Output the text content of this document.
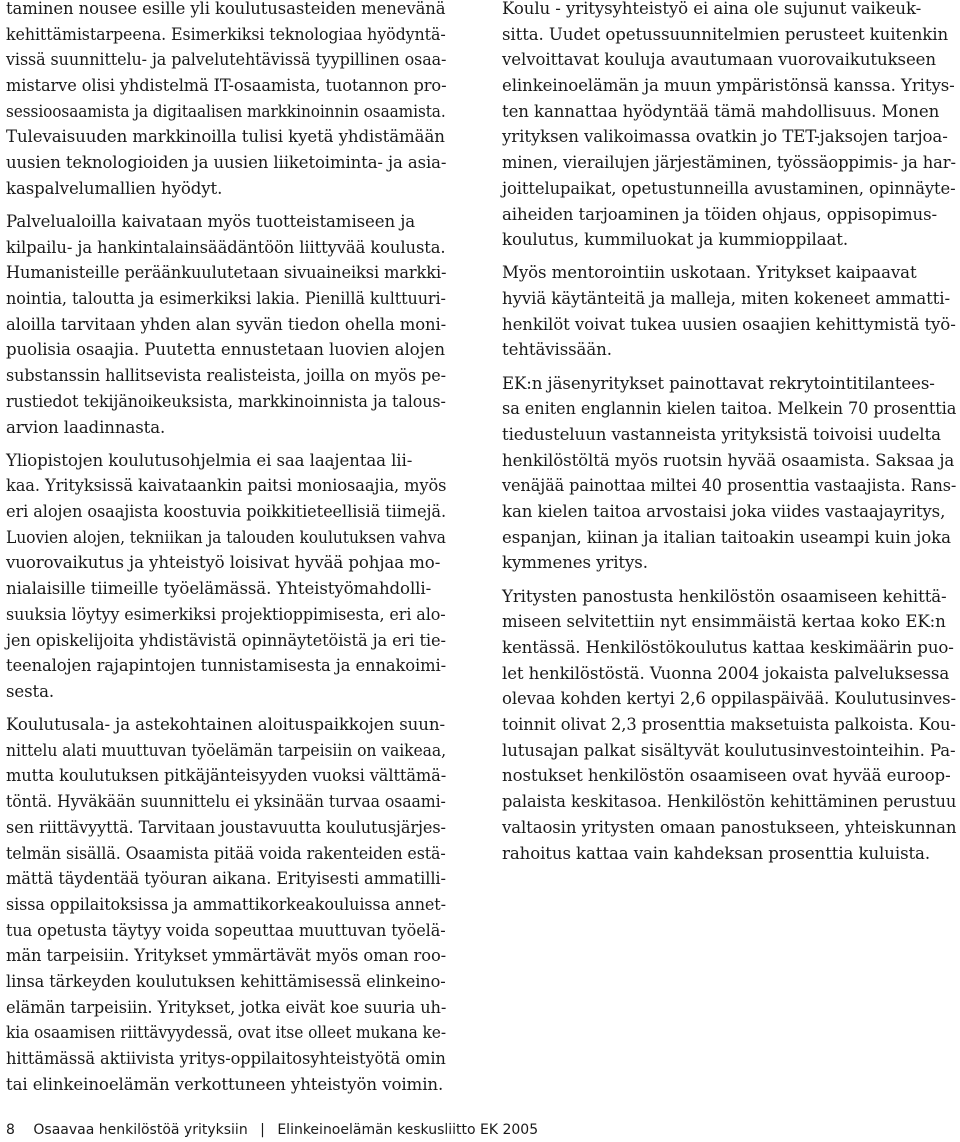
taminen nousee esille yli koulutusasteiden menevänä
kehittämistarpeena. Esimerkiksi teknologiaa hyödyntä-
vissä suunnittelu- ja palvelutehtävissä tyypillinen osaa-
mistarve olisi yhdistelmä IT-osaamista, tuotannon pro-
sessioosaamista ja digitaalisen markkinoinnin osaamista.
Tulevaisuuden markkinoilla tulisi kyetä yhdistämään
uusien teknologioiden ja uusien liiketoiminta- ja asia-
kaspalvelumallien hyödyt.
Palvelualoilla kaivataan myös tuotteistamiseen ja
kilpailu- ja hankintalainsäädäntöön liittyvää koulusta.
Humanisteille peräänkuulutetaan sivuaineiksi markki-
nointia, taloutta ja esimerkiksi lakia. Pienillä kulttuuri-
aloilla tarvitaan yhden alan syvän tiedon ohella moni-
puolisia osaajia. Puutetta ennustetaan luovien alojen
substanssin hallitsevista realisteista, joilla on myös pe-
rustiedot tekijänoikeuksista, markkinoinnista ja talous-
arvion laadinnasta.
Yliopistojen koulutusohjelmia ei saa laajentaa lii-
kaa. Yrityksissä kaivataankin paitsi moniosaajia, myös
eri alojen osaajista koostuvia poikkitieteellisiä tiimejä.
Luovien alojen, tekniikan ja talouden koulutuksen vahva
vuorovaikutus ja yhteistyö loisivat hyvää pohjaa mo-
nialaisille tiimeille työelämässä. Yhteistyömahdolli-
suuksia löytyy esimerkiksi projektioppimisesta, eri alo-
jen opiskelijoita yhdistävistä opinnäytetöistä ja eri tie-
teenalojen rajapintojen tunnistamisesta ja ennakoimi-
sesta.
Koulutusala- ja astekohtainen aloituspaikkojen suun-
nittelu alati muuttuvan työelämän tarpeisiin on vaikeaa,
mutta koulutuksen pitkäjänteisyyden vuoksi välttämä-
töntä. Hyväkään suunnittelu ei yksinään turvaa osaami-
sen riittävyyttä. Tarvitaan joustavuutta koulutusjärjes-
telmän sisällä. Osaamista pitää voida rakenteiden estä-
mättä täydentää työuran aikana. Erityisesti ammatilli-
sissa oppilaitoksissa ja ammattikorkeakouluissa annet-
tua opetusta täytyy voida sopeuttaa muuttuvan työelä-
män tarpeisiin. Yritykset ymmärtävät myös oman roo-
linsa tärkeyden koulutuksen kehittämisessä elinkeino-
elämän tarpeisiin. Yritykset, jotka eivät koe suuria uh-
kia osaamisen riittävyydessä, ovat itse olleet mukana ke-
hittämässä aktiivista yritys-oppilaitosyhteistyötä omin
tai elinkeinoelämän verkottuneen yhteistyön voimin.
Koulu - yritysyhteistyö ei aina ole sujunut vaikeuk-
sitta. Uudet opetussuunnitelmien perusteet kuitenkin
velvoittavat kouluja avautumaan vuorovaikutukseen
elinkeinoelämän ja muun ympäristönsä kanssa. Yritys-
ten kannattaa hyödyntää tämä mahdollisuus. Monen
yrityksen valikoimassa ovatkin jo TET-jaksojen tarjoa-
minen, vierailujen järjestäminen, työssäoppimis- ja har-
joittelupaikat, opetustunneilla avustaminen, opinnäyte-
aiheiden tarjoaminen ja töiden ohjaus, oppisopimus-
koulutus, kummiluokat ja kummioppilaat.
Myös mentorointiin uskotaan. Yritykset kaipaavat
hyviä käytänteitä ja malleja, miten kokeneet ammatti-
henkilöt voivat tukea uusien osaajien kehittymistä työ-
tehtävissään.
EK:n jäsenyritykset painottavat rekrytointitilantees-
sa eniten englannin kielen taitoa. Melkein 70 prosenttia
tiedusteluun vastanneista yrityksistä toivoisi uudelta
henkilöstöltä myös ruotsin hyvää osaamista. Saksaa ja
venäjää painottaa miltei 40 prosenttia vastaajista. Rans-
kan kielen taitoa arvostaisi joka viides vastaajayritys,
espanjan, kiinan ja italian taitoakin useampi kuin joka
kymmenes yritys.
Yritysten panostusta henkilöstön osaamiseen kehittä-
miseen selvitettiin nyt ensimmäistä kertaa koko EK:n
kentässä. Henkilöstökoulutus kattaa keskimäärin puo-
let henkilöstöstä. Vuonna 2004 jokaista palveluksessa
olevaa kohden kertyi 2,6 oppilaspäivää. Koulutusinves-
toinnit olivat 2,3 prosenttia maksetuista palkoista. Kou-
lutusajan palkat sisältyvät koulutusinvestointeihin. Pa-
nostukset henkilöstön osaamiseen ovat hyvää euroop-
palaista keskitasoa. Henkilöstön kehittäminen perustuu
valtaosin yritysten omaan panostukseen, yhteiskunnan
rahoitus kattaa vain kahdeksan prosenttia kuluista.
8 Osaavaa henkilöstöä yrityksiin | Elinkeinoelämän keskusliitto EK 2005
